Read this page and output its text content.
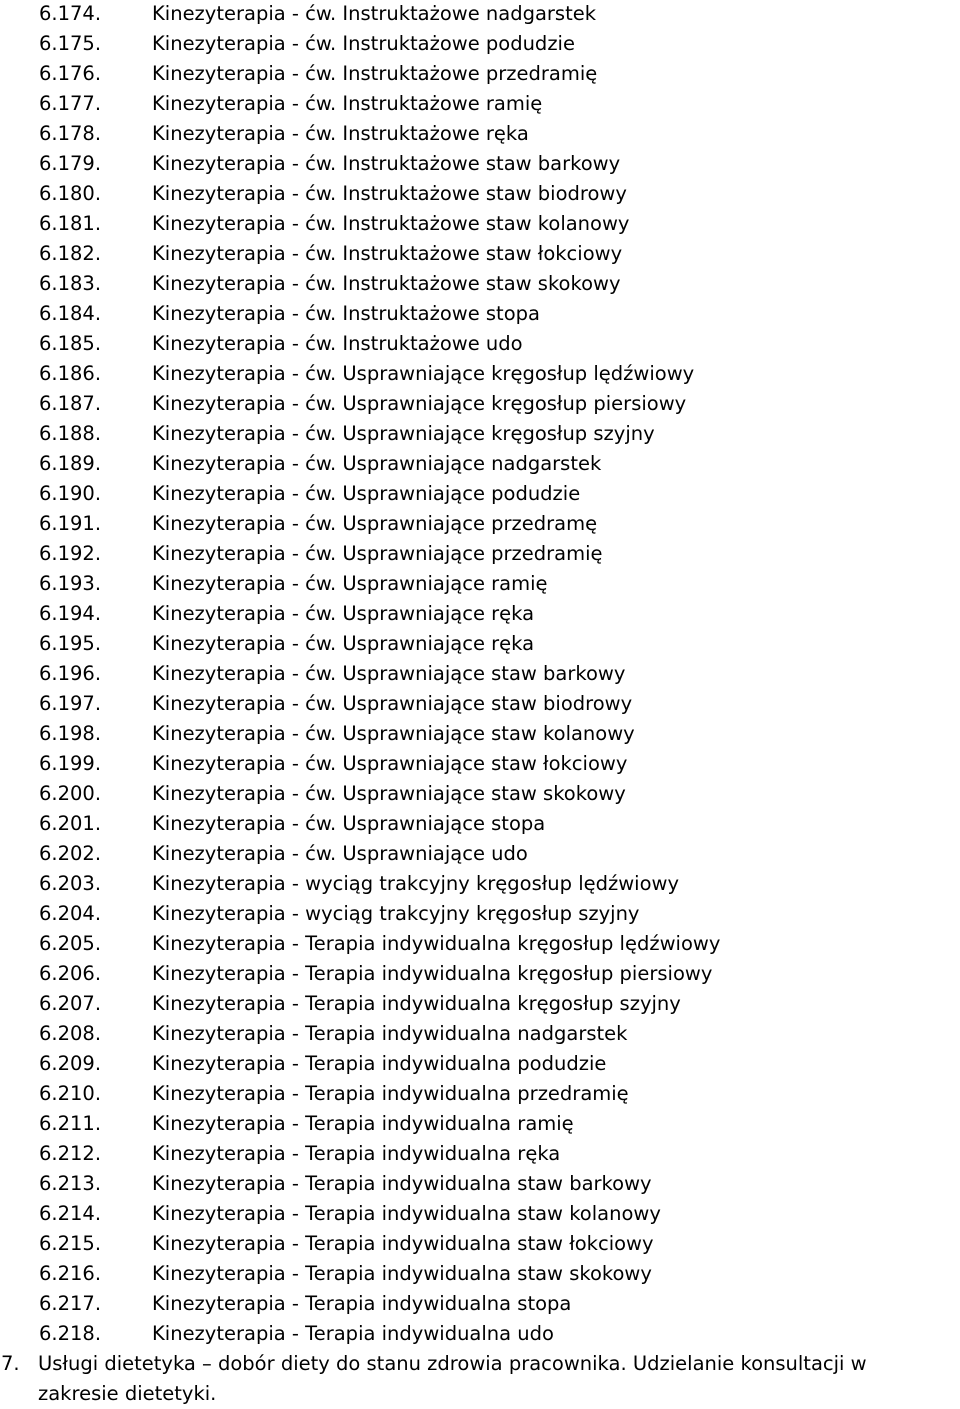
6.174.	Kinezyterapia - ćw. Instruktażowe nadgarstek
6.175.	Kinezyterapia - ćw. Instruktażowe podudzie
6.176.	Kinezyterapia - ćw. Instruktażowe przedramię
6.177.	Kinezyterapia - ćw. Instruktażowe ramię
6.178.	Kinezyterapia - ćw. Instruktażowe ręka
6.179.	Kinezyterapia - ćw. Instruktażowe staw barkowy
6.180.	Kinezyterapia - ćw. Instruktażowe staw biodrowy
6.181.	Kinezyterapia - ćw. Instruktażowe staw kolanowy
6.182.	Kinezyterapia - ćw. Instruktażowe staw łokciowy
6.183.	Kinezyterapia - ćw. Instruktażowe staw skokowy
6.184.	Kinezyterapia - ćw. Instruktażowe stopa
6.185.	Kinezyterapia - ćw. Instruktażowe udo
6.186.	Kinezyterapia - ćw. Usprawniające kręgosłup lędźwiowy
6.187.	Kinezyterapia - ćw. Usprawniające kręgosłup piersiowy
6.188.	Kinezyterapia - ćw. Usprawniające kręgosłup szyjny
6.189.	Kinezyterapia - ćw. Usprawniające nadgarstek
6.190.	Kinezyterapia - ćw. Usprawniające podudzie
6.191.	Kinezyterapia - ćw. Usprawniające przedramę
6.192.	Kinezyterapia - ćw. Usprawniające przedramię
6.193.	Kinezyterapia - ćw. Usprawniające ramię
6.194.	Kinezyterapia - ćw. Usprawniające ręka
6.195.	Kinezyterapia - ćw. Usprawniające ręka
6.196.	Kinezyterapia - ćw. Usprawniające staw barkowy
6.197.	Kinezyterapia - ćw. Usprawniające staw biodrowy
6.198.	Kinezyterapia - ćw. Usprawniające staw kolanowy
6.199.	Kinezyterapia - ćw. Usprawniające staw łokciowy
6.200.	Kinezyterapia - ćw. Usprawniające staw skokowy
6.201.	Kinezyterapia - ćw. Usprawniające stopa
6.202.	Kinezyterapia - ćw. Usprawniające udo
6.203.	Kinezyterapia - wyciąg trakcyjny kręgosłup lędźwiowy
6.204.	Kinezyterapia - wyciąg trakcyjny kręgosłup szyjny
6.205.	Kinezyterapia - Terapia indywidualna kręgosłup lędźwiowy
6.206.	Kinezyterapia - Terapia indywidualna kręgosłup piersiowy
6.207.	Kinezyterapia - Terapia indywidualna kręgosłup szyjny
6.208.	Kinezyterapia - Terapia indywidualna nadgarstek
6.209.	Kinezyterapia - Terapia indywidualna podudzie
6.210.	Kinezyterapia - Terapia indywidualna przedramię
6.211.	Kinezyterapia - Terapia indywidualna ramię
6.212.	Kinezyterapia - Terapia indywidualna ręka
6.213.	Kinezyterapia - Terapia indywidualna staw barkowy
6.214.	Kinezyterapia - Terapia indywidualna staw kolanowy
6.215.	Kinezyterapia - Terapia indywidualna staw łokciowy
6.216.	Kinezyterapia - Terapia indywidualna staw skokowy
6.217.	Kinezyterapia - Terapia indywidualna stopa
6.218.	Kinezyterapia - Terapia indywidualna udo
7. Usługi dietetyka – dobór diety do stanu zdrowia pracownika. Udzielanie konsultacji w
zakresie dietetyki.
